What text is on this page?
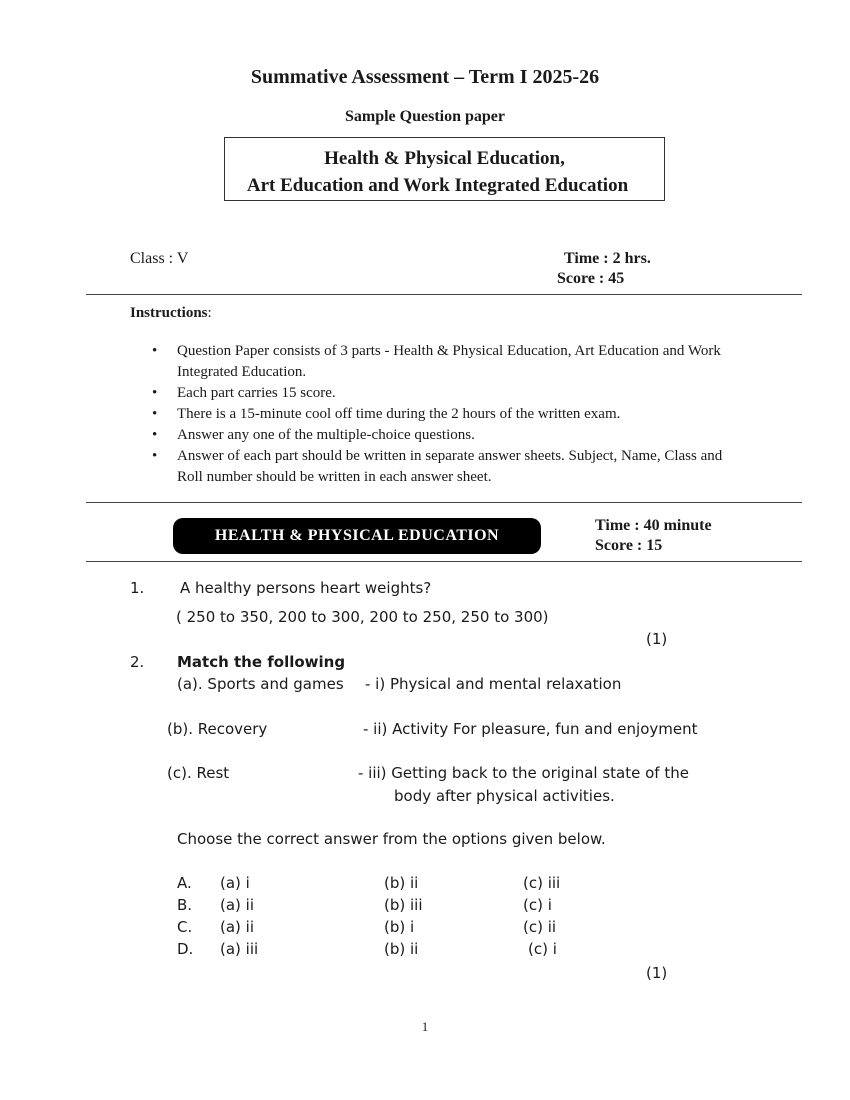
Summative Assessment – Term I 2025-26
Sample Question paper
Health & Physical Education,

Art Education and Work Integrated Education
Class : V	Time : 2 hrs.
Score : 45
Instructions:
• Question Paper consists of 3 parts - Health & Physical Education, Art Education and Work Integrated Education.
• Each part carries 15 score.
• There is a 15-minute cool off time during the 2 hours of the written exam.
• Answer any one of the multiple-choice questions.
• Answer of each part should be written in separate answer sheets. Subject, Name, Class and Roll number should be written in each answer sheet.
HEALTH & PHYSICAL EDUCATION
Time : 40 minute
Score : 15
1. A healthy persons heart weights?
( 250 to 350, 200 to 300, 200 to 250, 250 to 300)
(1)
2. Match the following
(a). Sports and games - i) Physical and mental relaxation
(b). Recovery	- ii) Activity For pleasure, fun and enjoyment
(c). Rest	- iii) Getting back to the original state of the
body after physical activities.
Choose the correct answer from the options given below.
A. (a) i	(b) ii	(c) iii
B. (a) ii	(b) iii	(c) i
C. (a) ii	(b) i	(c) ii
D. (a) iii	(b) ii	(c) i
(1)
1
